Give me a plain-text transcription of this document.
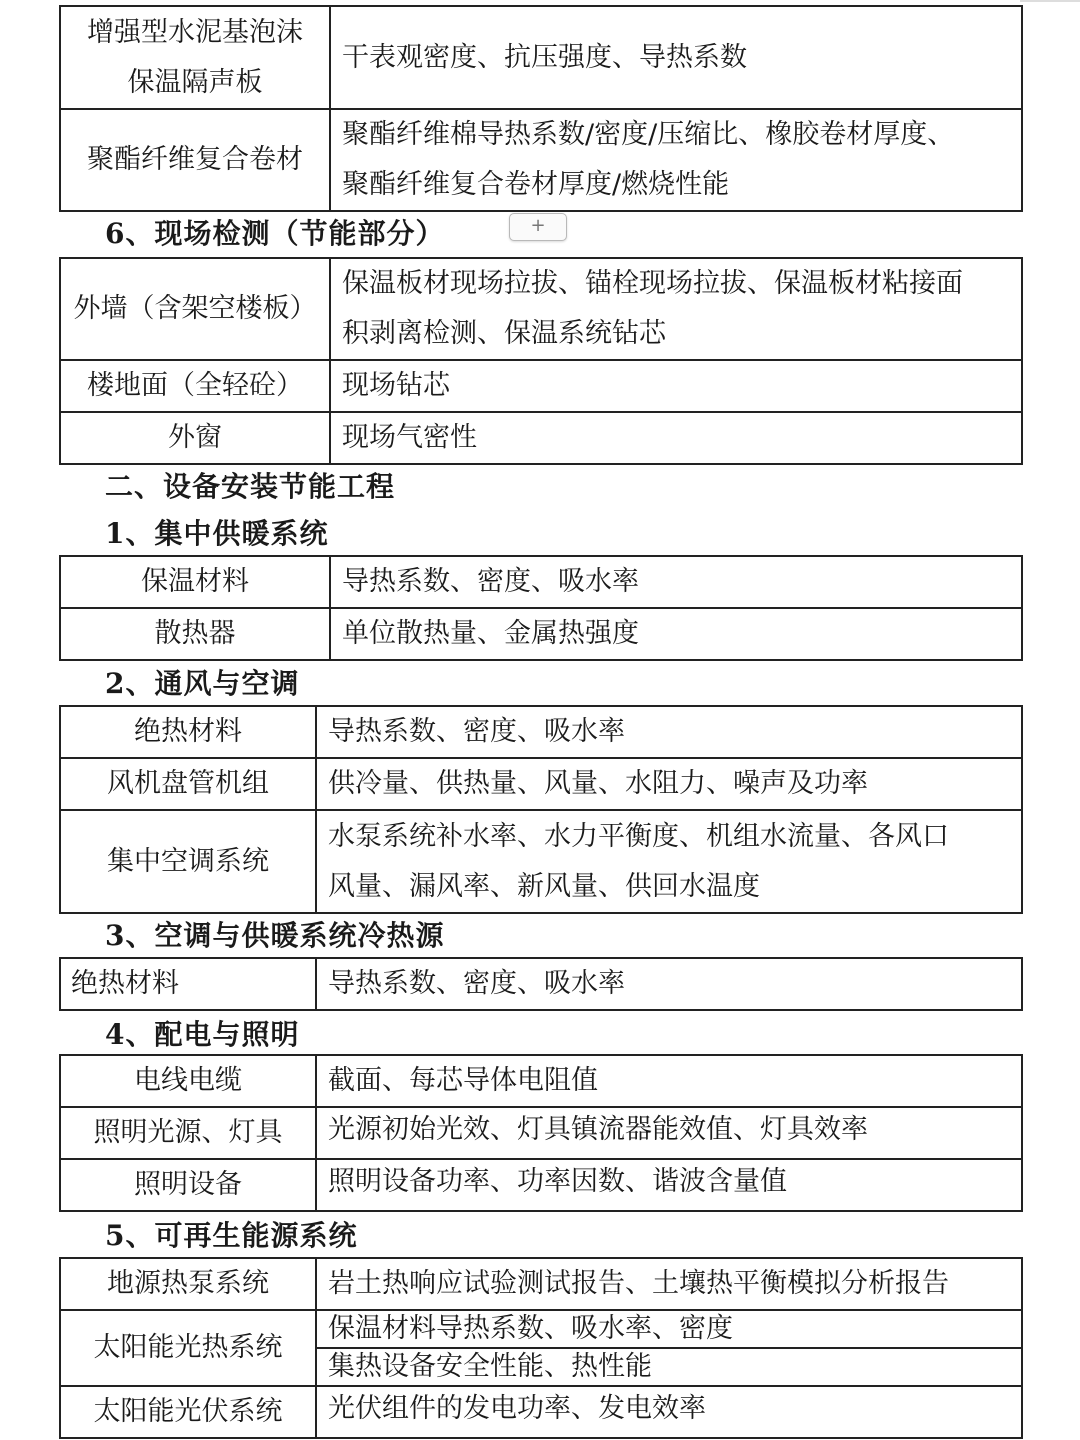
增强型水泥基泡沫
保温隔声板	干表观密度、抗压强度、导热系数
聚酯纤维复合卷材	聚酯纤维棉导热系数/密度/压缩比、橡胶卷材厚度、
聚酯纤维复合卷材厚度/燃烧性能
6、现场检测（节能部分）	+
外墙（含架空楼板）	保温板材现场拉拔、锚栓现场拉拔、保温板材粘接面
积剥离检测、保温系统钻芯

楼地面（全轻砼）	现场钻芯
外窗	现场气密性
二、设备安装节能工程
1、集中供暖系统
保温材料	导热系数、密度、吸水率
散热器	单位散热量、金属热强度
2、通风与空调
绝热材料	导热系数、密度、吸水率
风机盘管机组	供冷量、供热量、风量、水阻力、噪声及功率
集中空调系统	水泵系统补水率、水力平衡度、机组水流量、各风口
风量、漏风率、新风量、供回水温度
3、空调与供暖系统冷热源
绝热材料	导热系数、密度、吸水率
4、配电与照明
电线电缆	截面、每芯导体电阻值
照明光源、灯具	光源初始光效、灯具镇流器能效值、灯具效率
照明设备	照明设备功率、功率因数、谐波含量值
5、可再生能源系统
地源热泵系统	岩土热响应试验测试报告、土壤热平衡模拟分析报告
太阳能光热系统	保温材料导热系数、吸水率、密度
集热设备安全性能、热性能

太阳能光伏系统	光伏组件的发电功率、发电效率
